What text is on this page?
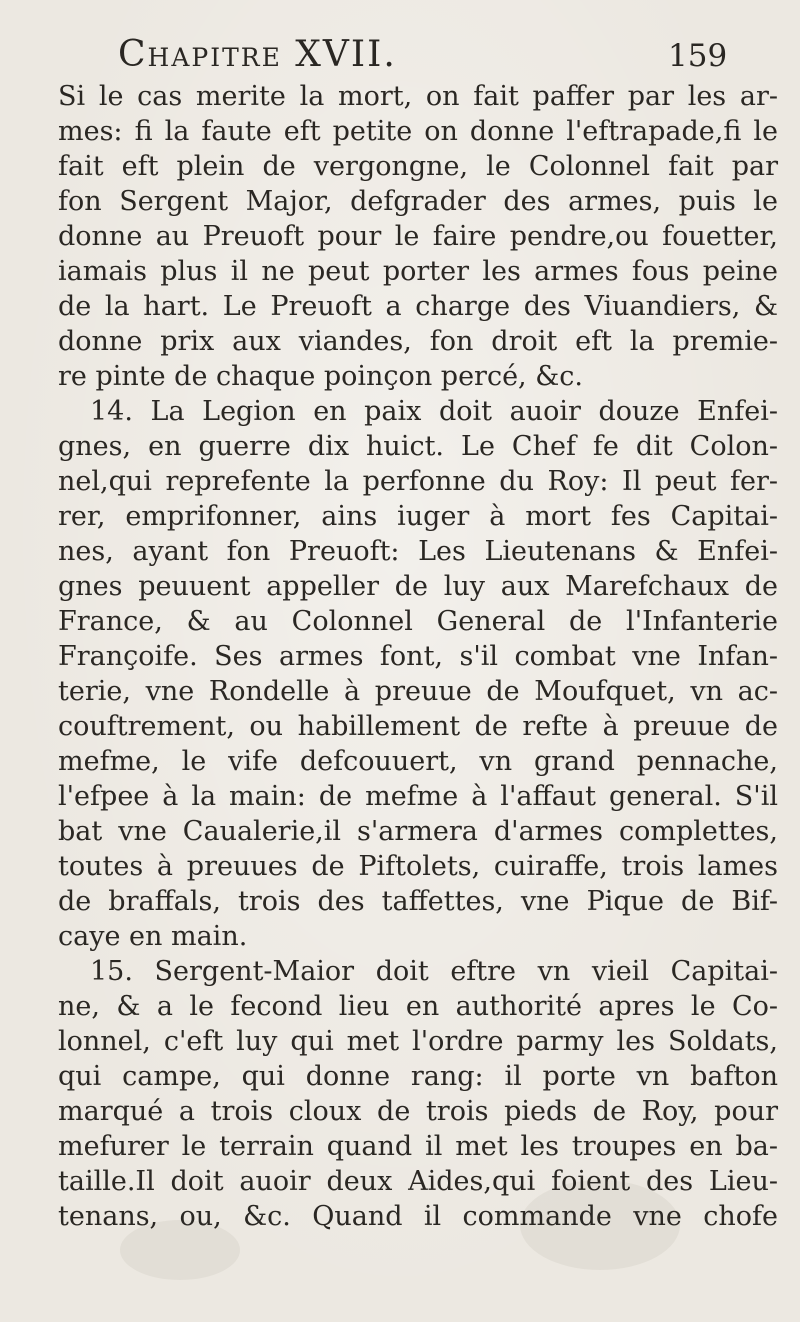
Chapitre XVII.	159
Si le cas merite la mort, on fait paffer par les ar-
mes: fi la faute eft petite on donne l'eftrapade,fi le
fait eft plein de vergongne, le Colonnel fait par
fon Sergent Major, defgrader des armes, puis le
donne au Preuoft pour le faire pendre,ou fouetter,
iamais plus il ne peut porter les armes fous peine
de la hart. Le Preuoft a charge des Viuandiers, &
donne prix aux viandes, fon droit eft la premie-
re pinte de chaque poinçon percé, &c.
14. La Legion en paix doit auoir douze Enfei-
gnes, en guerre dix huict. Le Chef fe dit Colon-
nel,qui reprefente la perfonne du Roy: Il peut fer-
rer, emprifonner, ains iuger à mort fes Capitai-
nes, ayant fon Preuoft: Les Lieutenans & Enfei-
gnes peuuent appeller de luy aux Marefchaux de
France, & au Colonnel General de l'Infanterie
Françoife. Ses armes font, s'il combat vne Infan-
terie, vne Rondelle à preuue de Moufquet, vn ac-
couftrement, ou habillement de refte à preuue de
mefme, le vife defcouuert, vn grand pennache,
l'efpee à la main: de mefme à l'affaut general. S'il
bat vne Caualerie,il s'armera d'armes complettes,
toutes à preuues de Piftolets, cuiraffe, trois lames
de braffals, trois des taffettes, vne Pique de Bif-
caye en main.
15. Sergent-Maior doit eftre vn vieil Capitai-
ne, & a le fecond lieu en authorité apres le Co-
lonnel, c'eft luy qui met l'ordre parmy les Soldats,
qui campe, qui donne rang: il porte vn bafton
marqué a trois cloux de trois pieds de Roy, pour
mefurer le terrain quand il met les troupes en ba-
taille.Il doit auoir deux Aides,qui foient des Lieu-
tenans, ou, &c. Quand il commande vne chofe
